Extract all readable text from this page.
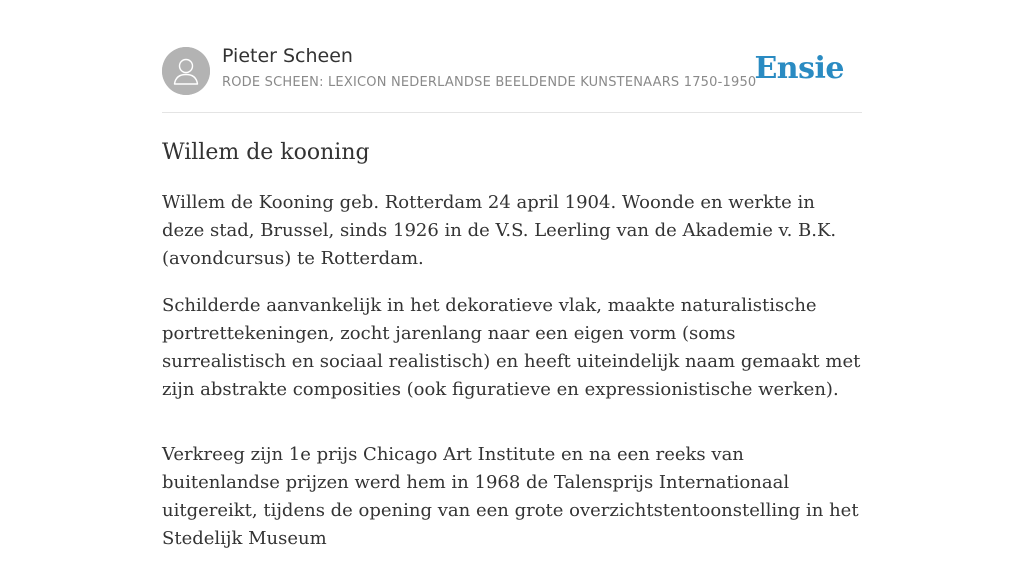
Pieter Scheen
RODE SCHEEN: LEXICON NEDERLANDSE BEELDENDE KUNSTENAARS 1750-1950
Ensie
Willem de kooning

Willem de Kooning geb. Rotterdam 24 april 1904. Woonde en werkte in deze stad, Brussel, sinds 1926 in de V.S. Leerling van de Akademie v. B.K. (avondcursus) te Rotterdam.

Schilderde aanvankelijk in het dekoratieve vlak, maakte naturalistische portrettekeningen, zocht jarenlang naar een eigen vorm (soms surrealistisch en sociaal realistisch) en heeft uiteindelijk naam gemaakt met zijn abstrakte composities (ook figuratieve en expressionistische werken).

Verkreeg zijn 1e prijs Chicago Art Institute en na een reeks van buitenlandse prijzen werd hem in 1968 de Talensprijs Internationaal uitgereikt, tijdens de opening van een grote overzichtstentoonstelling in het Stedelijk Museum
